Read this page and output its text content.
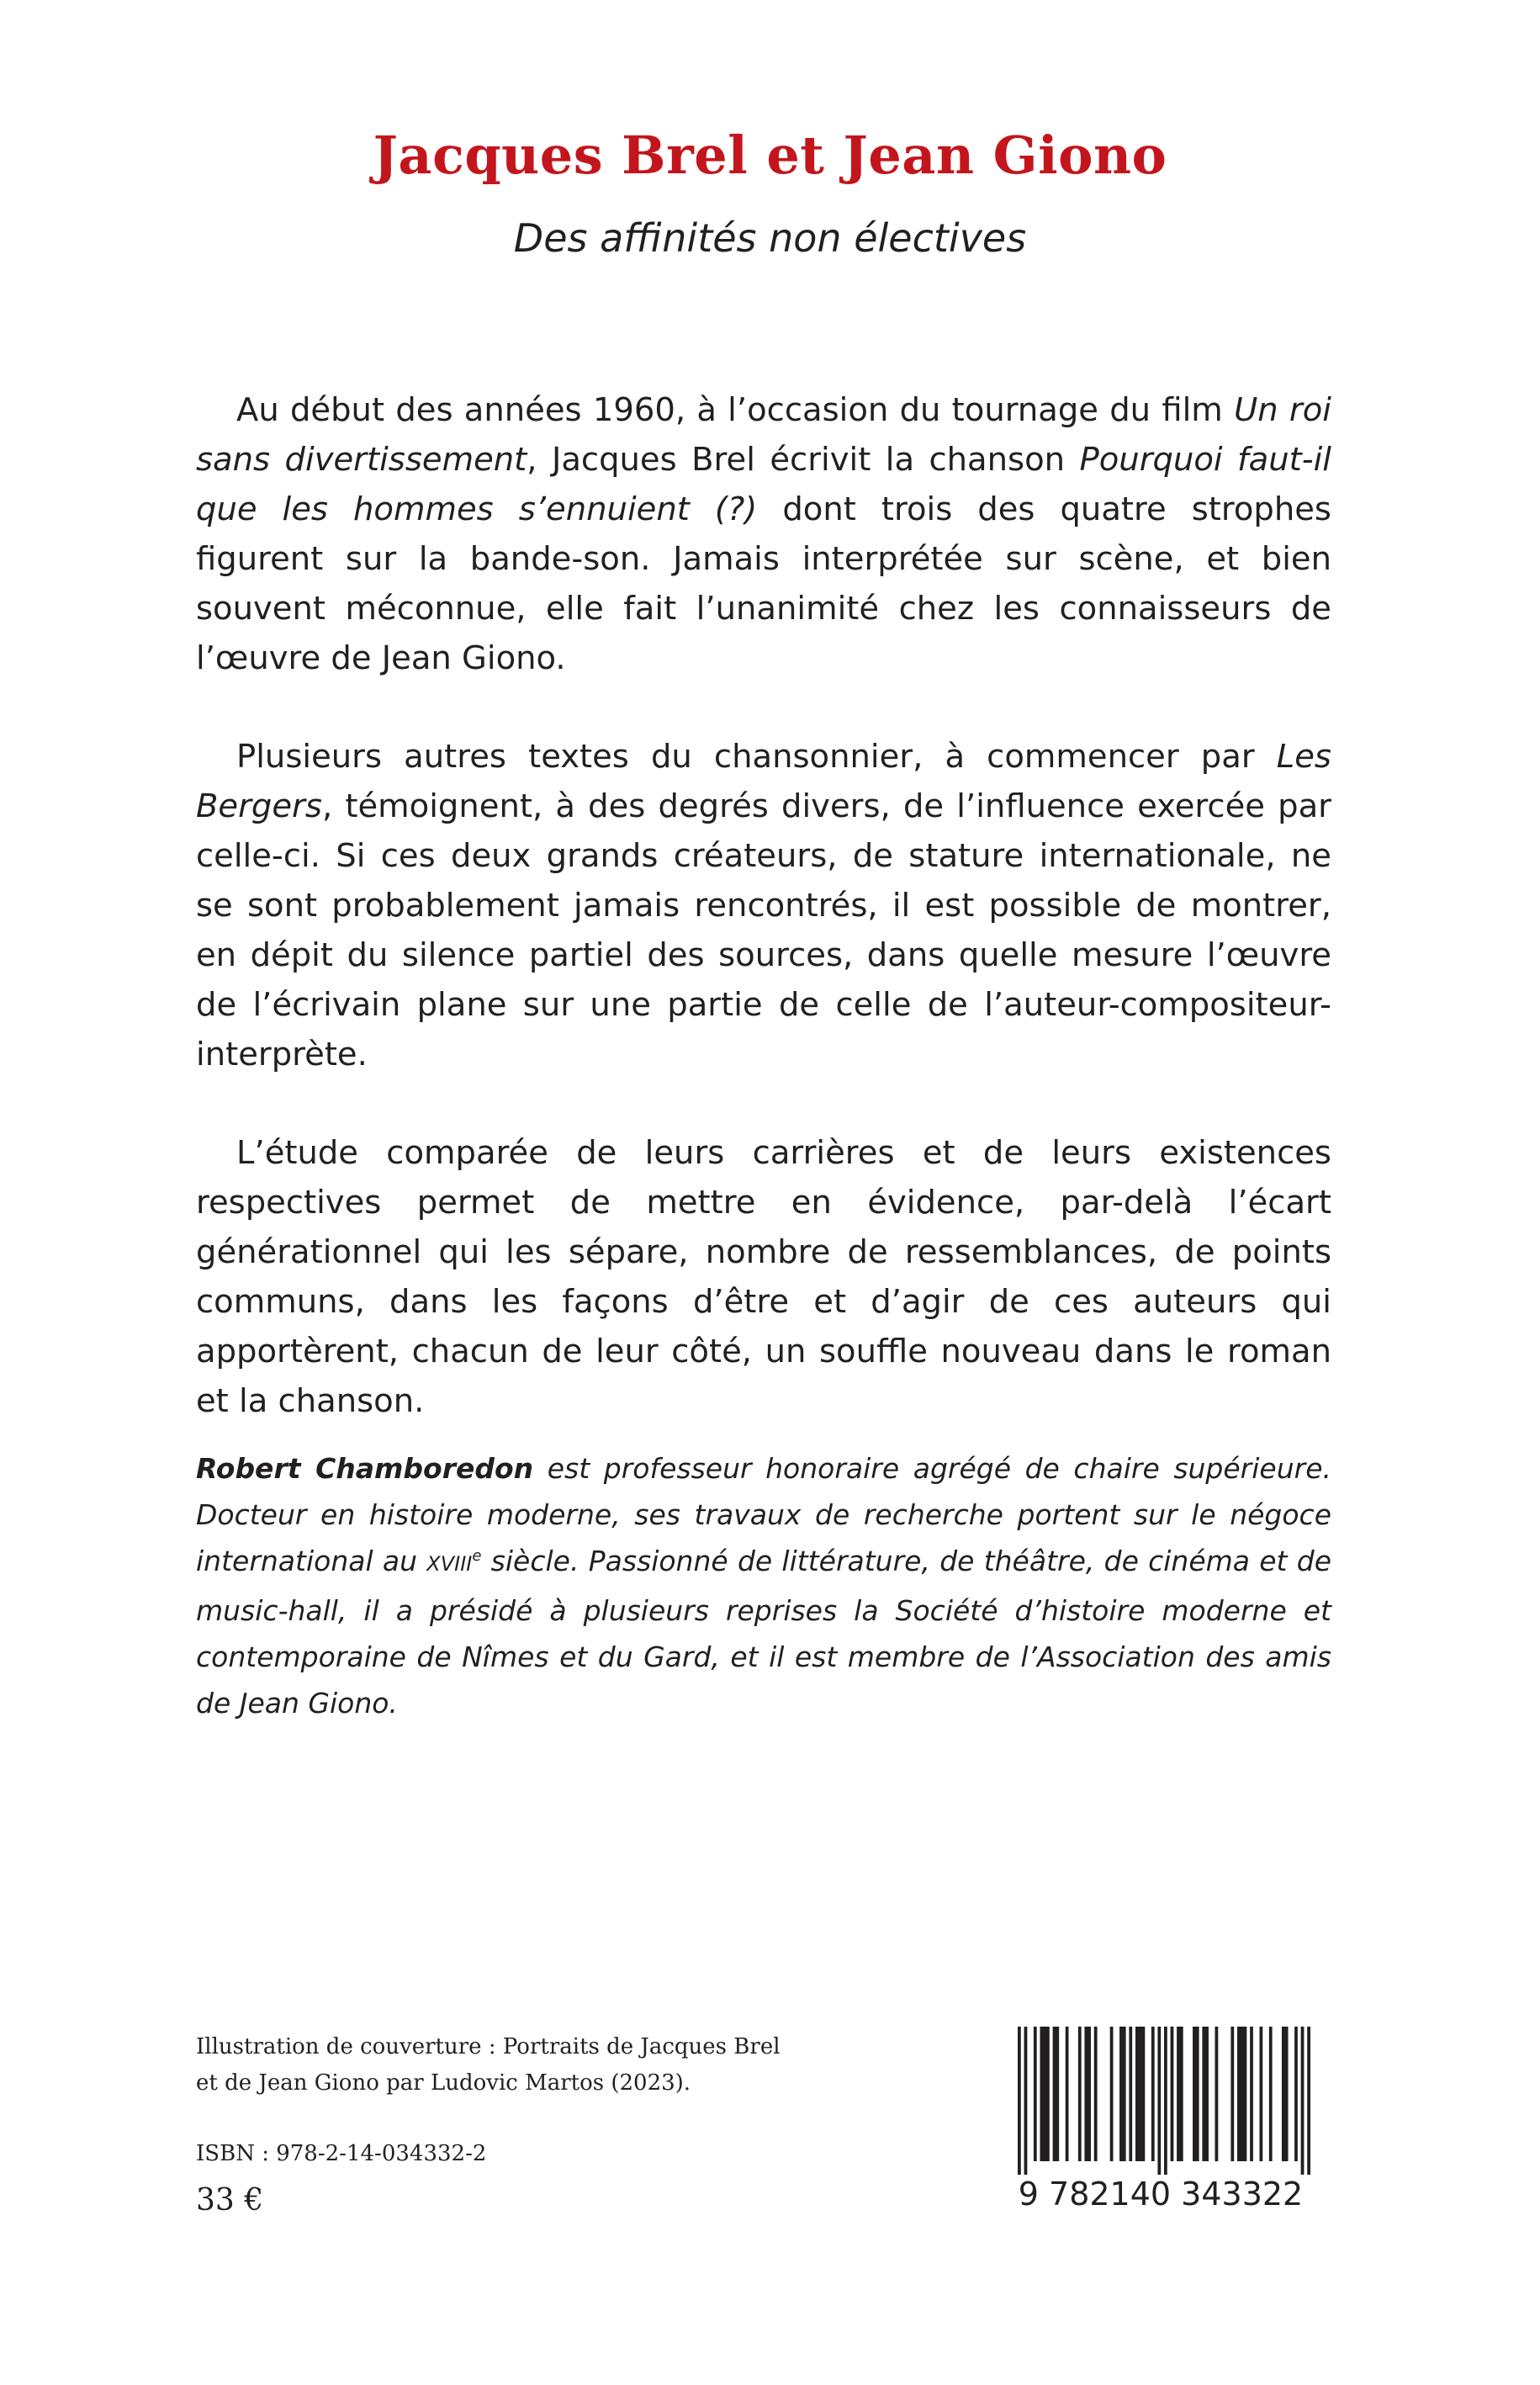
Jacques Brel et Jean Giono
Des affinités non électives

Au début des années 1960, à l’occasion du tournage du film Un roi sans divertissement, Jacques Brel écrivit la chanson Pourquoi faut-il que les hommes s’ennuient (?) dont trois des quatre strophes figurent sur la bande-son. Jamais interprétée sur scène, et bien souvent méconnue, elle fait l’unanimité chez les connaisseurs de l’œuvre de Jean Giono.

Plusieurs autres textes du chansonnier, à commencer par Les Bergers, témoignent, à des degrés divers, de l’influence exercée par celle-ci. Si ces deux grands créateurs, de stature internationale, ne se sont probablement jamais rencontrés, il est possible de montrer, en dépit du silence partiel des sources, dans quelle mesure l’œuvre de l’écrivain plane sur une partie de celle de l’auteur-compositeur-interprète.

L’étude comparée de leurs carrières et de leurs existences respectives permet de mettre en évidence, par-delà l’écart générationnel qui les sépare, nombre de ressemblances, de points communs, dans les façons d’être et d’agir de ces auteurs qui apportèrent, chacun de leur côté, un souffle nouveau dans le roman et la chanson.

Robert Chamboredon est professeur honoraire agrégé de chaire supérieure. Docteur en histoire moderne, ses travaux de recherche portent sur le négoce international au XVIIIe siècle. Passionné de littérature, de théâtre, de cinéma et de music-hall, il a présidé à plusieurs reprises la Société d’histoire moderne et contemporaine de Nîmes et du Gard, et il est membre de l’Association des amis de Jean Giono.

Illustration de couverture : Portraits de Jacques Brel
et de Jean Giono par Ludovic Martos (2023).
ISBN : 978-2-14-034332-2
33 €	9 782140 343322
